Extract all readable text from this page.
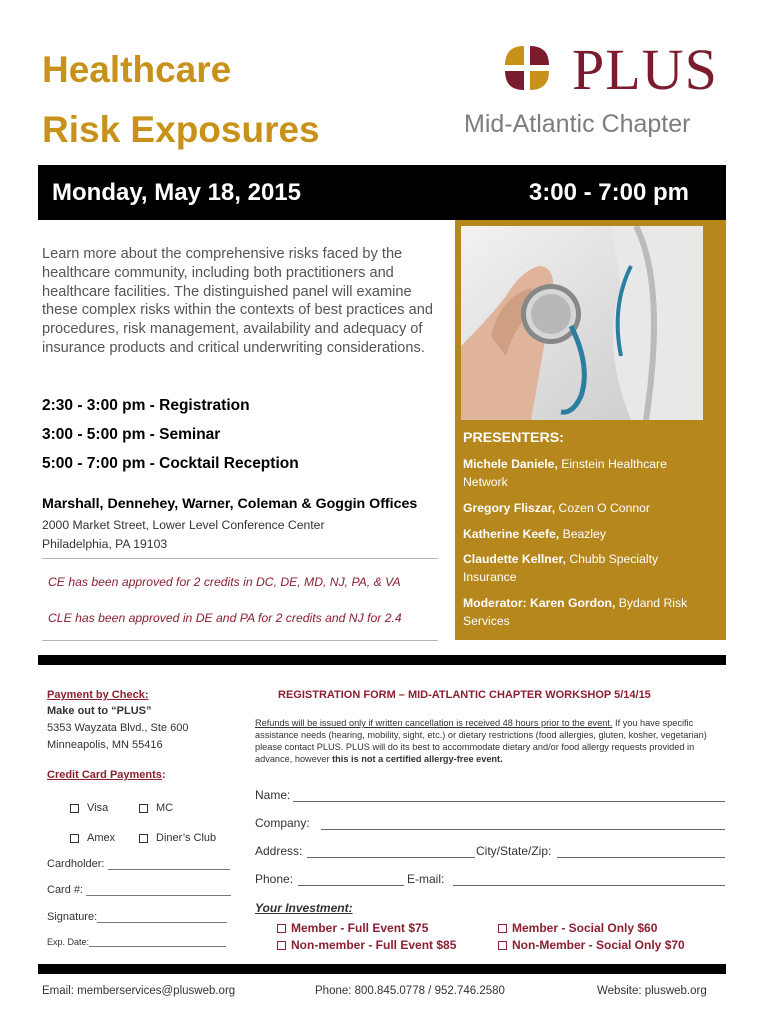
Healthcare
Risk Exposures
PLUS
Mid-Atlantic Chapter
Monday, May 18, 2015	3:00 - 7:00 pm
Learn more about the comprehensive risks faced by the healthcare community, including both practitioners and healthcare facilities. The distinguished panel will examine these complex risks within the contexts of best practices and procedures, risk management, availability and adequacy of insurance products and critical underwriting considerations.
2:30 - 3:00 pm - Registration
3:00 - 5:00 pm - Seminar
5:00 - 7:00 pm - Cocktail Reception
Marshall, Dennehey, Warner, Coleman & Goggin Offices
2000 Market Street, Lower Level Conference Center
Philadelphia, PA 19103
CE has been approved for 2 credits in DC, DE, MD, NJ, PA, & VA
CLE has been approved in DE and PA for 2 credits and NJ for 2.4
PRESENTERS:
Michele Daniele, Einstein Healthcare Network
Gregory Fliszar, Cozen O Connor
Katherine Keefe, Beazley
Claudette Kellner, Chubb Specialty Insurance
Moderator: Karen Gordon, Bydand Risk Services
Payment by Check:
Make out to “PLUS”
5353 Wayzata Blvd., Ste 600
Minneapolis, MN 55416
Credit Card Payments:
Visa	MC
Amex	Diner’s Club
Cardholder:
Card #:
Signature:
Exp. Date:
REGISTRATION FORM – MID-ATLANTIC CHAPTER WORKSHOP 5/14/15
Refunds will be issued only if written cancellation is received 48 hours prior to the event. If you have specific assistance needs (hearing, mobility, sight, etc.) or dietary restrictions (food allergies, gluten, kosher, vegetarian) please contact PLUS. PLUS will do its best to accommodate dietary and/or food allergy requests provided in advance, however this is not a certified allergy-free event.
Name:
Company:
Address:	City/State/Zip:
Phone:	E-mail:
Your Investment:
Member - Full Event $75	Member - Social Only $60
Non-member - Full Event $85	Non-Member - Social Only $70
Email: memberservices@plusweb.org	Phone: 800.845.0778 / 952.746.2580	Website: plusweb.org
